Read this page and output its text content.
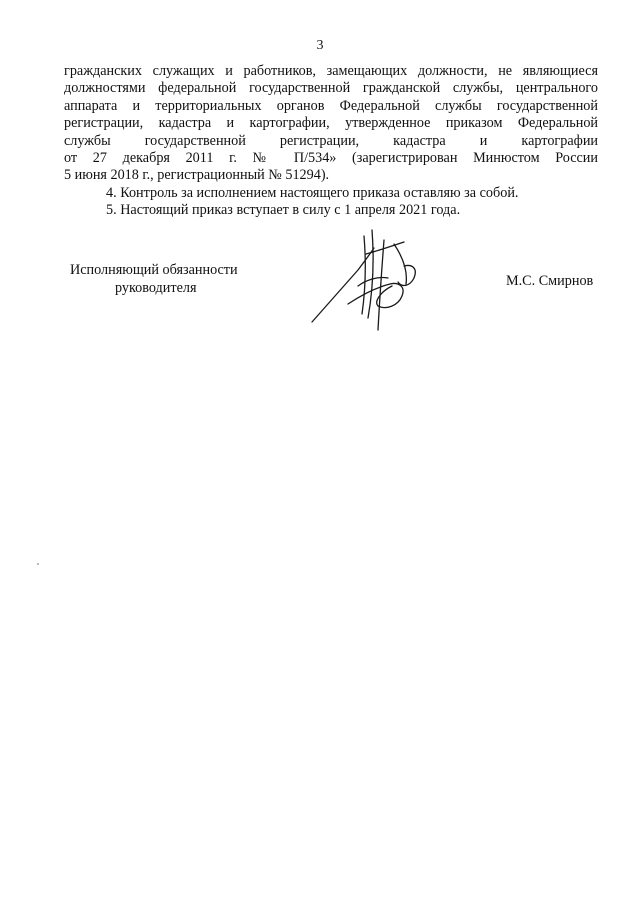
3
гражданских служащих и работников, замещающих должности, не являющиеся
должностями федеральной государственной гражданской службы, центрального
аппарата и территориальных органов Федеральной службы государственной
регистрации, кадастра и картографии, утвержденное приказом Федеральной
службы государственной регистрации, кадастра и картографии
от 27 декабря 2011 г. № П/534» (зарегистрирован Минюстом России
5 июня 2018 г., регистрационный № 51294).
4. Контроль за исполнением настоящего приказа оставляю за собой.
5. Настоящий приказ вступает в силу с 1 апреля 2021 года.
Исполняющий обязанности
руководителя	М.С. Смирнов
